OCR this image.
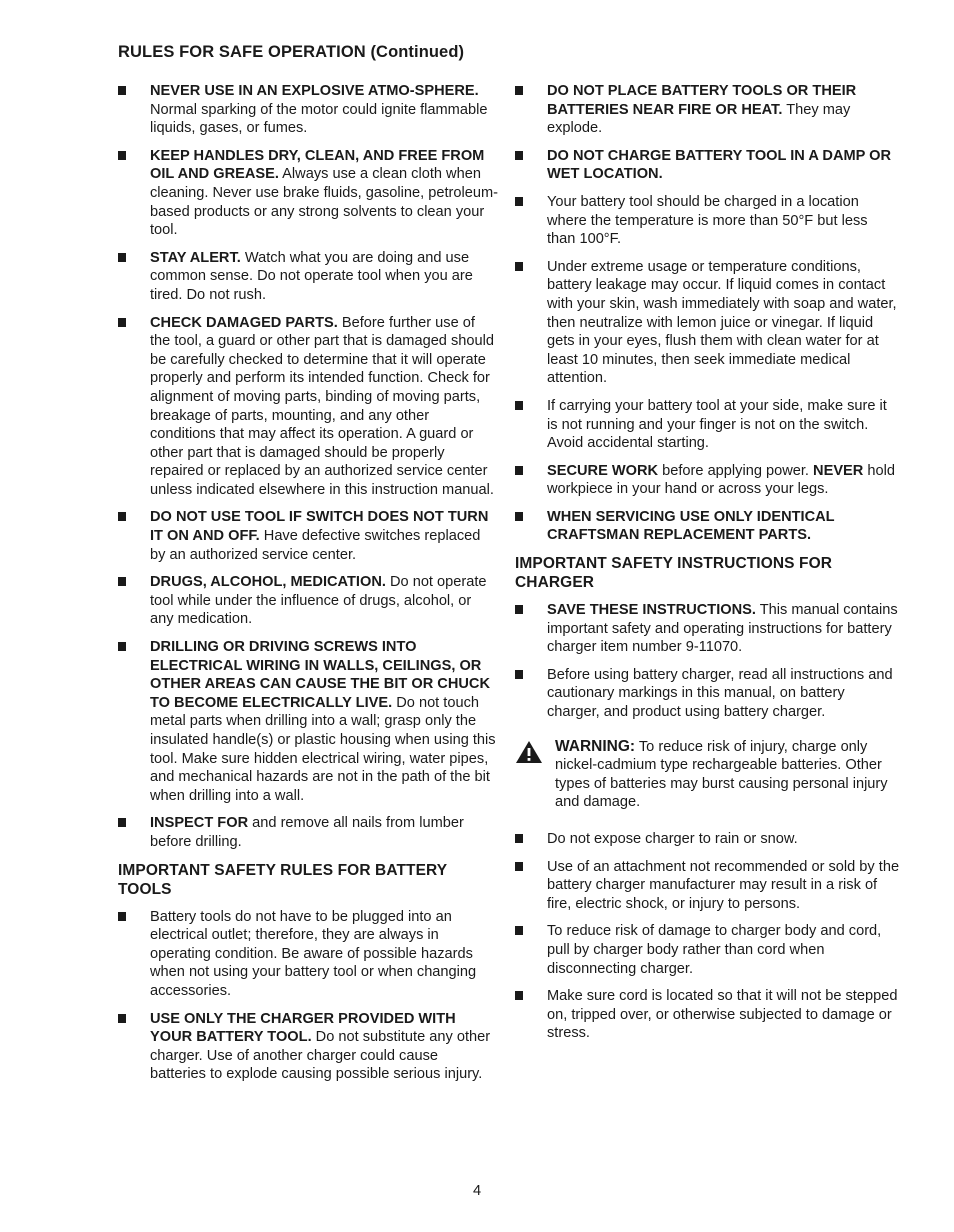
RULES FOR SAFE OPERATION (Continued)
NEVER USE IN AN EXPLOSIVE ATMO-SPHERE. Normal sparking of the motor could ignite flammable liquids, gases, or fumes.
KEEP HANDLES DRY, CLEAN, AND FREE FROM OIL AND GREASE. Always use a clean cloth when cleaning. Never use brake fluids, gasoline, petroleum-based products or any strong solvents to clean your tool.
STAY ALERT. Watch what you are doing and use common sense. Do not operate tool when you are tired. Do not rush.
CHECK DAMAGED PARTS. Before further use of the tool, a guard or other part that is damaged should be carefully checked to determine that it will operate properly and perform its intended function. Check for alignment of moving parts, binding of moving parts, breakage of parts, mounting, and any other conditions that may affect its operation. A guard or other part that is damaged should be properly repaired or replaced by an authorized service center unless indicated elsewhere in this instruction manual.
DO NOT USE TOOL IF SWITCH DOES NOT TURN IT ON AND OFF. Have defective switches replaced by an authorized service center.
DRUGS, ALCOHOL, MEDICATION. Do not operate tool while under the influence of drugs, alcohol, or any medication.
DRILLING OR DRIVING SCREWS INTO ELECTRICAL WIRING IN WALLS, CEILINGS, OR OTHER AREAS CAN CAUSE THE BIT OR CHUCK TO BECOME ELECTRICALLY LIVE. Do not touch metal parts when drilling into a wall; grasp only the insulated handle(s) or plastic housing when using this tool. Make sure hidden electrical wiring, water pipes, and mechanical hazards are not in the path of the bit when drilling into a wall.
INSPECT FOR and remove all nails from lumber before drilling.
IMPORTANT SAFETY RULES FOR BATTERY TOOLS
Battery tools do not have to be plugged into an electrical outlet; therefore, they are always in operating condition. Be aware of possible hazards when not using your battery tool or when changing accessories.
USE ONLY THE CHARGER PROVIDED WITH YOUR BATTERY TOOL. Do not substitute any other charger. Use of another charger could cause batteries to explode causing possible serious injury.
DO NOT PLACE BATTERY TOOLS OR THEIR BATTERIES NEAR FIRE OR HEAT. They may explode.
DO NOT CHARGE BATTERY TOOL IN A DAMP OR WET LOCATION.
Your battery tool should be charged in a location where the temperature is more than 50°F but less than 100°F.
Under extreme usage or temperature conditions, battery leakage may occur. If liquid comes in contact with your skin, wash immediately with soap and water, then neutralize with lemon juice or vinegar. If liquid gets in your eyes, flush them with clean water for at least 10 minutes, then seek immediate medical attention.
If carrying your battery tool at your side, make sure it is not running and your finger is not on the switch. Avoid accidental starting.
SECURE WORK before applying power. NEVER hold workpiece in your hand or across your legs.
WHEN SERVICING USE ONLY IDENTICAL CRAFTSMAN REPLACEMENT PARTS.
IMPORTANT SAFETY INSTRUCTIONS FOR CHARGER
SAVE THESE INSTRUCTIONS. This manual contains important safety and operating instructions for battery charger item number 9-11070.
Before using battery charger, read all instructions and cautionary markings in this manual, on battery charger, and product using battery charger.
WARNING: To reduce risk of injury, charge only nickel-cadmium type rechargeable batteries. Other types of batteries may burst causing personal injury and damage.
Do not expose charger to rain or snow.
Use of an attachment not recommended or sold by the battery charger manufacturer may result in a risk of fire, electric shock, or injury to persons.
To reduce risk of damage to charger body and cord, pull by charger body rather than cord when disconnecting charger.
Make sure cord is located so that it will not be stepped on, tripped over, or otherwise subjected to damage or stress.
4
